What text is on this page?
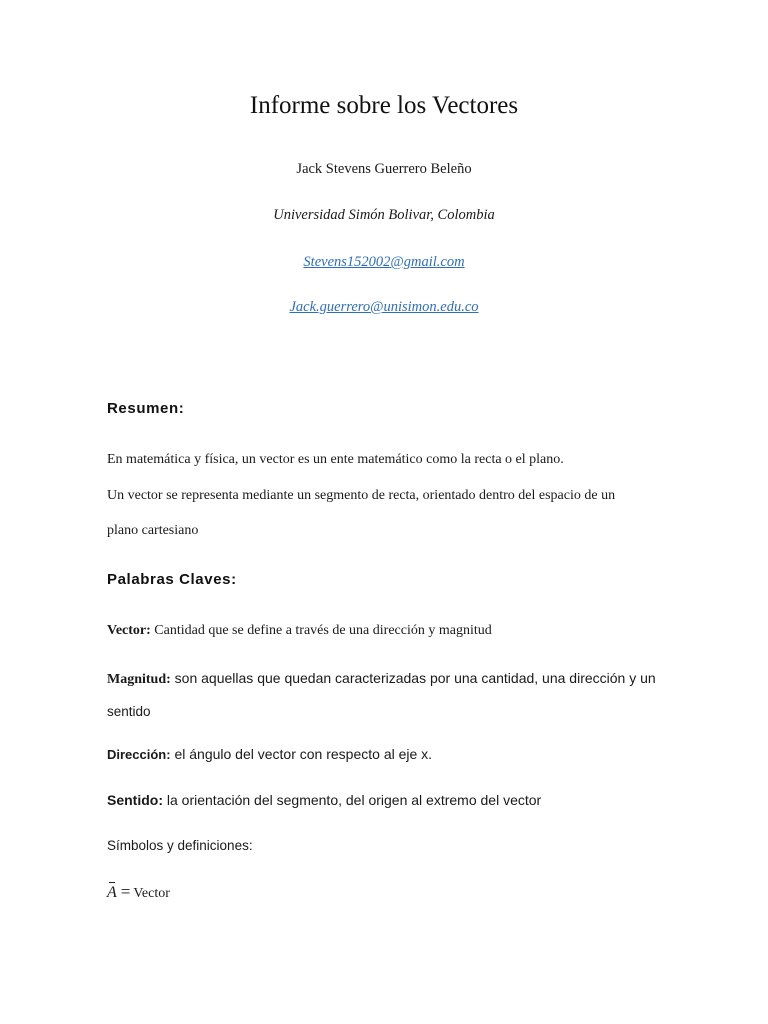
Informe sobre los Vectores
Jack Stevens Guerrero Beleño
Universidad Simón Bolivar, Colombia
Stevens152002@gmail.com
Jack.guerrero@unisimon.edu.co
Resumen:
En matemática y física, un vector es un ente matemático como la recta o el plano.
Un vector se representa mediante un segmento de recta, orientado dentro del espacio de un
plano cartesiano
Palabras Claves:
Vector: Cantidad que se define a través de una dirección y magnitud
Magnitud: son aquellas que quedan caracterizadas por una cantidad, una dirección y un
sentido
Dirección: el ángulo del vector con respecto al eje x.
Sentido: la orientación del segmento, del origen al extremo del vector
Símbolos y definiciones:
A = Vector
